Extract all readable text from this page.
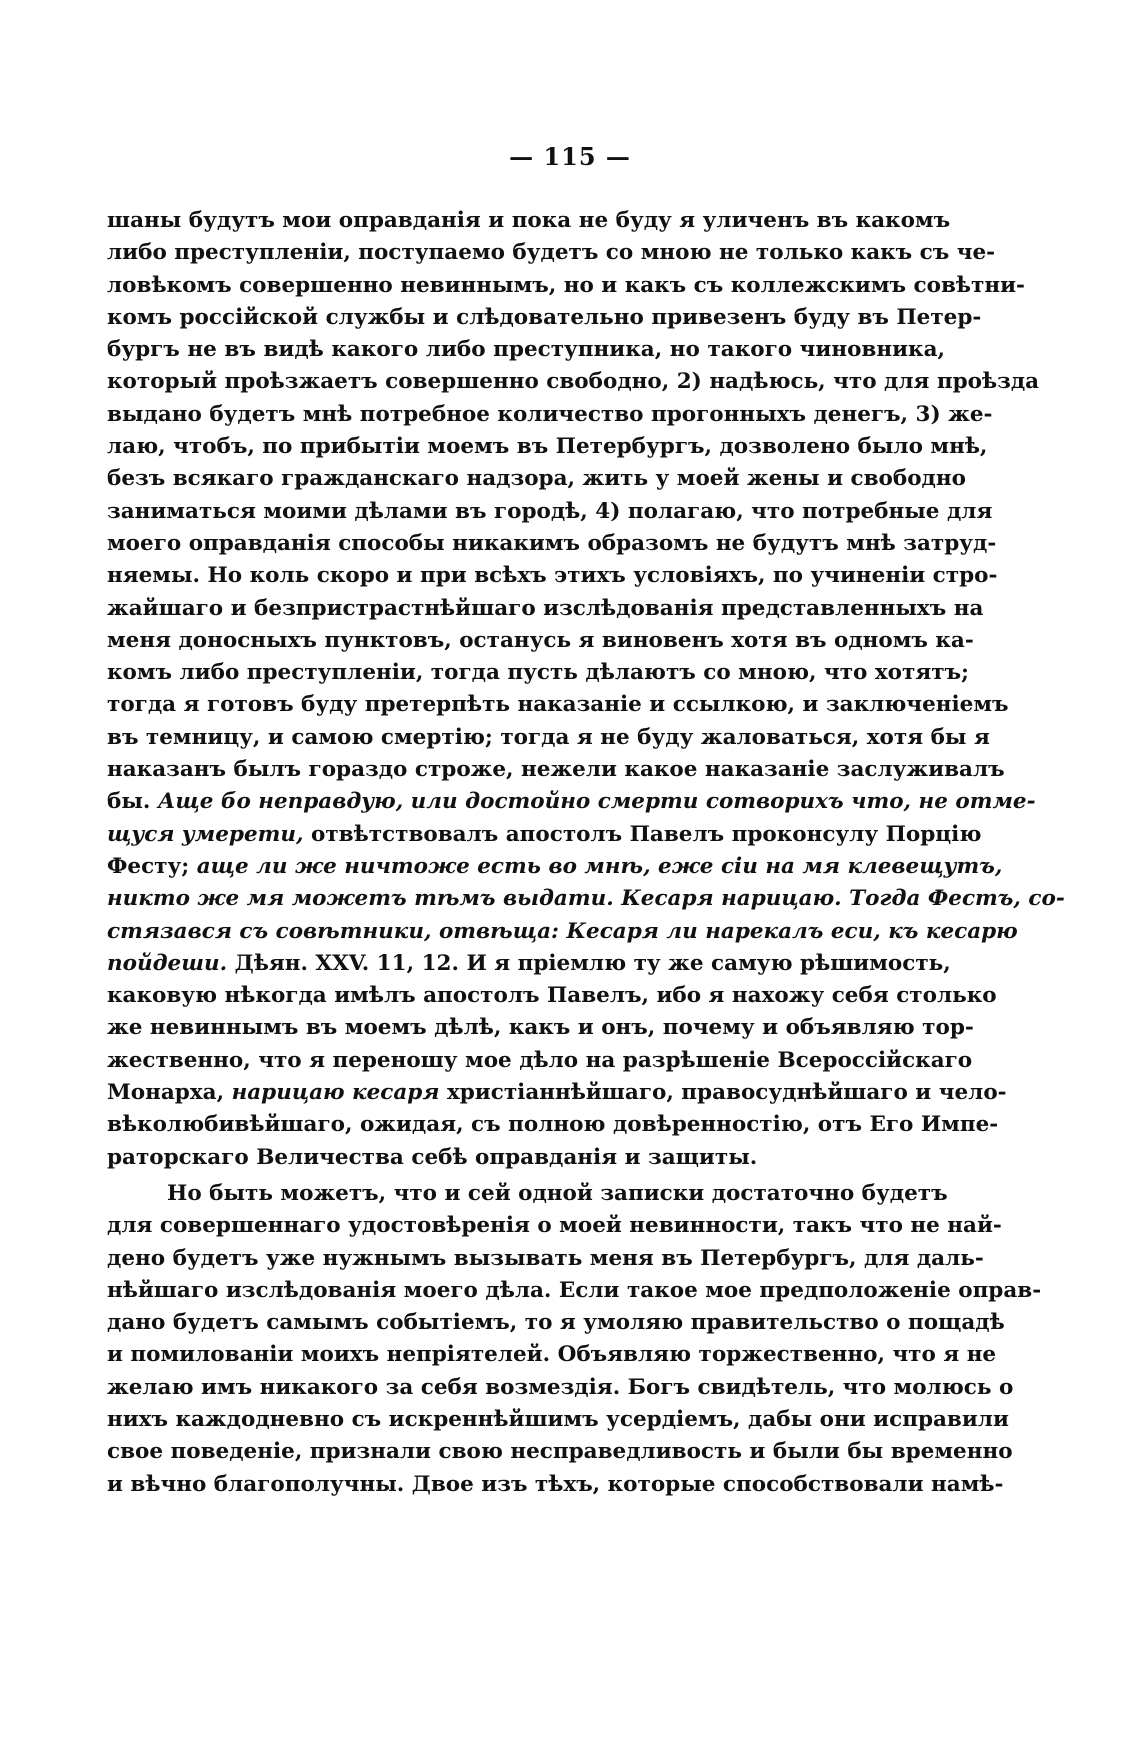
— 115 —
шаны будутъ мои оправданія и пока не буду я уличенъ въ какомъ
либо преступленіи, поступаемо будетъ со мною не только какъ съ че-
ловѣкомъ совершенно невиннымъ, но и какъ съ коллежскимъ совѣтни-
комъ россійской службы и слѣдовательно привезенъ буду въ Петер-
бургъ не въ видѣ какого либо преступника, но такого чиновника,
который проѣзжаетъ совершенно свободно, 2) надѣюсь, что для проѣзда
выдано будетъ мнѣ потребное количество прогонныхъ денегъ, 3) же-
лаю, чтобъ, по прибытіи моемъ въ Петербургъ, дозволено было мнѣ,
безъ всякаго гражданскаго надзора, жить у моей жены и свободно
заниматься моими дѣлами въ городѣ, 4) полагаю, что потребные для
моего оправданія способы никакимъ образомъ не будутъ мнѣ затруд-
няемы. Но коль скоро и при всѣхъ этихъ условіяхъ, по учиненіи стро-
жайшаго и безпристрастнѣйшаго изслѣдованія представленныхъ на
меня доносныхъ пунктовъ, останусь я виновенъ хотя въ одномъ ка-
комъ либо преступленіи, тогда пусть дѣлаютъ со мною, что хотятъ;
тогда я готовъ буду претерпѣть наказаніе и ссылкою, и заключеніемъ
въ темницу, и самою смертію; тогда я не буду жаловаться, хотя бы я
наказанъ былъ гораздо строже, нежели какое наказаніе заслуживалъ
бы. Аще бо неправдую, или достойно смерти сотворихъ что, не отме-
щуся умерети, отвѣтствовалъ апостолъ Павелъ проконсулу Порцію
Фесту; аще ли же ничтоже есть во мнѣ, еже сіи на мя клевещутъ,
никто же мя можетъ тѣмъ выдати. Кесаря нарицаю. Тогда Фестъ, со-
стязався съ совѣтники, отвѣща: Кесаря ли нарекалъ еси, къ кесарю
пойдеши. Дѣян. XXV. 11, 12. И я пріемлю ту же самую рѣшимость,
каковую нѣкогда имѣлъ апостолъ Павелъ, ибо я нахожу себя столько
же невиннымъ въ моемъ дѣлѣ, какъ и онъ, почему и объявляю тор-
жественно, что я переношу мое дѣло на разрѣшеніе Всероссійскаго
Монарха, нарицаю кесаря христіаннѣйшаго, правосуднѣйшаго и чело-
вѣколюбивѣйшаго, ожидая, съ полною довѣренностію, отъ Его Импе-
раторскаго Величества себѣ оправданія и защиты.
Но быть можетъ, что и сей одной записки достаточно будетъ
для совершеннаго удостовѣренія о моей невинности, такъ что не най-
дено будетъ уже нужнымъ вызывать меня въ Петербургъ, для даль-
нѣйшаго изслѣдованія моего дѣла. Если такое мое предположеніе оправ-
дано будетъ самымъ событіемъ, то я умоляю правительство о пощадѣ
и помилованіи моихъ непріятелей. Объявляю торжественно, что я не
желаю имъ никакого за себя возмездія. Богъ свидѣтель, что молюсь о
нихъ каждодневно съ искреннѣйшимъ усердіемъ, дабы они исправили
свое поведеніе, признали свою несправедливость и были бы временно
и вѣчно благополучны. Двое изъ тѣхъ, которые способствовали намѣ-
